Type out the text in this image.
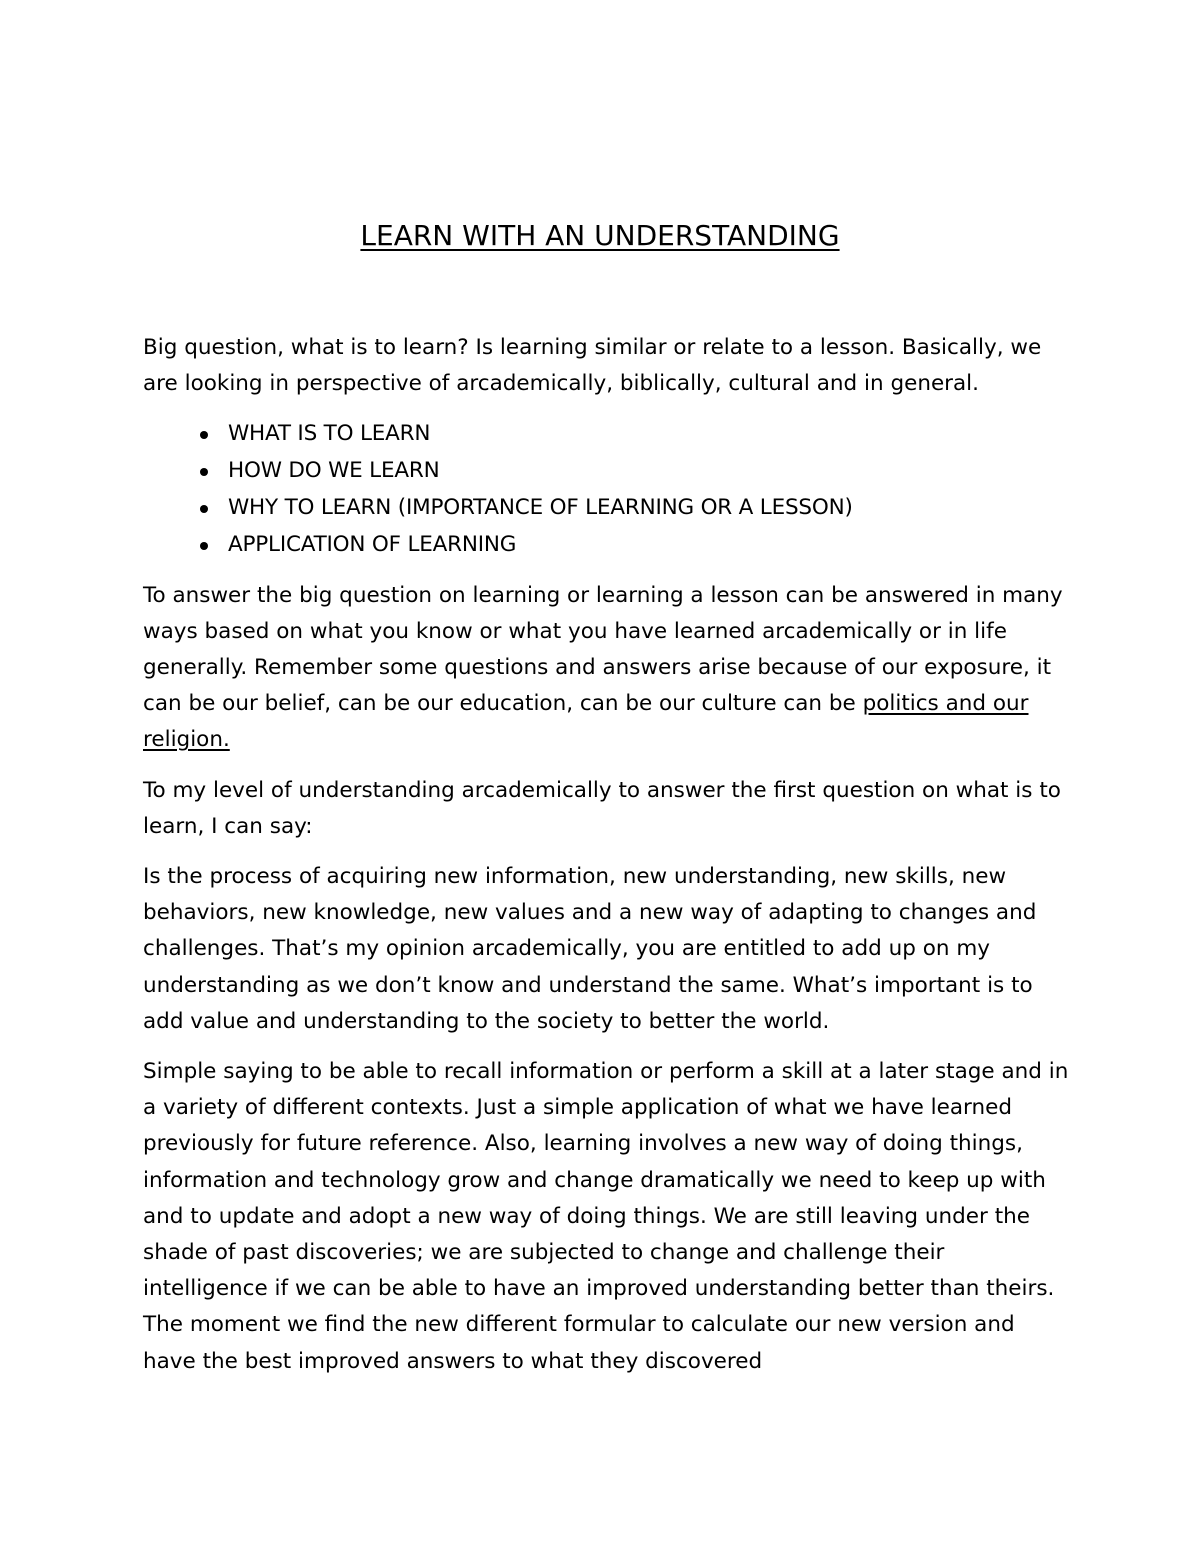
LEARN WITH AN UNDERSTANDING

Big question, what is to learn? Is learning similar or relate to a lesson. Basically, we are looking in perspective of arcademically, biblically, cultural and in general.

WHAT IS TO LEARN
HOW DO WE LEARN
WHY TO LEARN (IMPORTANCE OF LEARNING OR A LESSON)
APPLICATION OF LEARNING

To answer the big question on learning or learning a lesson can be answered in many ways based on what you know or what you have learned arcademically or in life generally. Remember some questions and answers arise because of our exposure, it can be our belief, can be our education, can be our culture can be politics and our religion.

To my level of understanding arcademically to answer the first question on what is to learn, I can say:

Is the process of acquiring new information, new understanding, new skills, new behaviors, new knowledge, new values and a new way of adapting to changes and challenges. That’s my opinion arcademically, you are entitled to add up on my understanding as we don’t know and understand the same. What’s important is to add value and understanding to the society to better the world.

Simple saying to be able to recall information or perform a skill at a later stage and in a variety of different contexts. Just a simple application of what we have learned previously for future reference. Also, learning involves a new way of doing things, information and technology grow and change dramatically we need to keep up with and to update and adopt a new way of doing things. We are still leaving under the shade of past discoveries; we are subjected to change and challenge their intelligence if we can be able to have an improved understanding better than theirs. The moment we find the new different formular to calculate our new version and have the best improved answers to what they discovered
